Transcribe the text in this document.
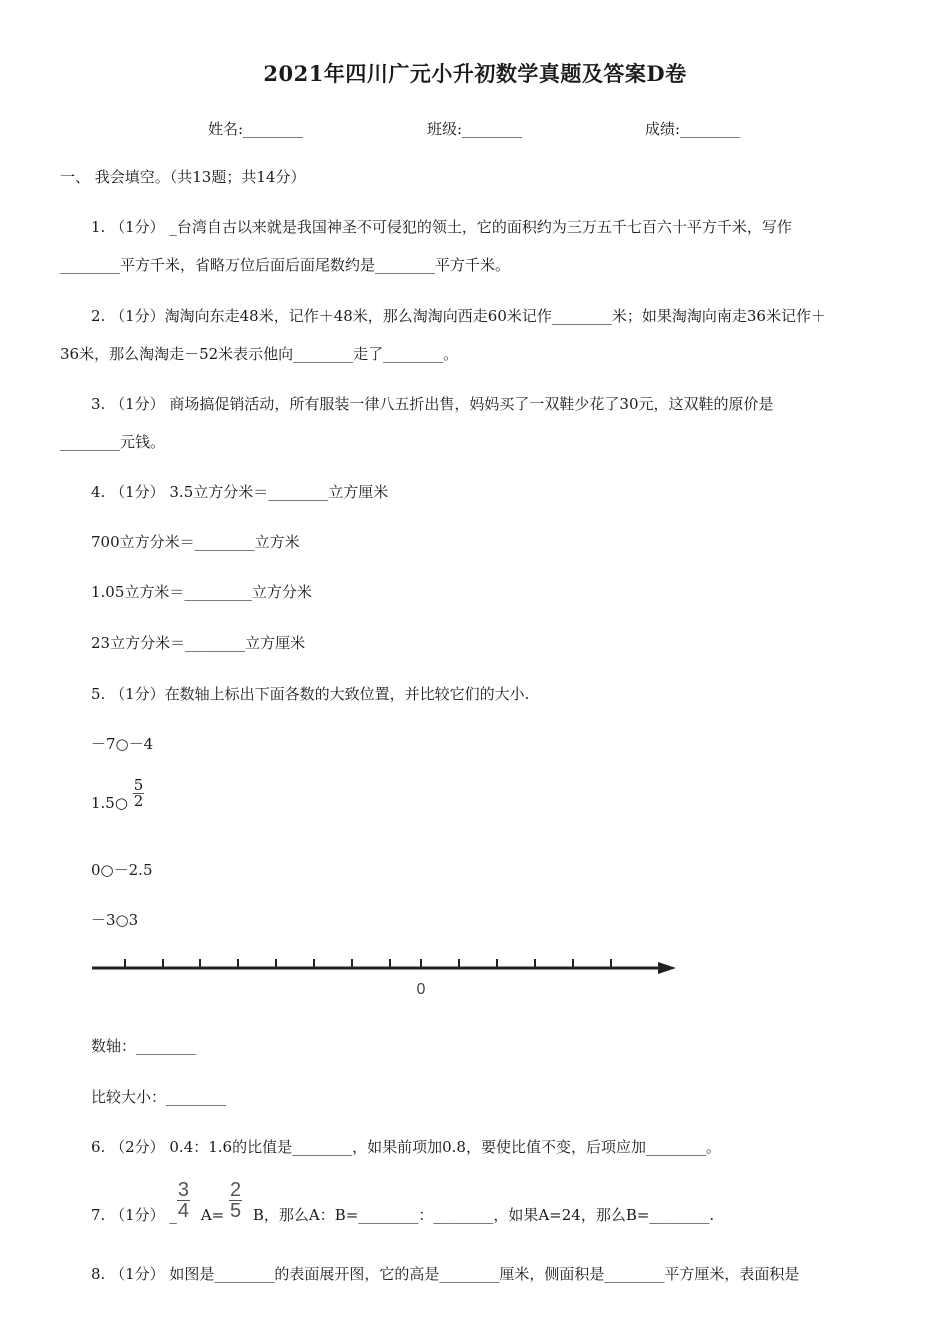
2021年四川广元小升初数学真题及答案D卷
姓名:________	班级:________	成绩:________
一、 我会填空。（共13题；共14分）
1. （1分） _台湾自古以来就是我国神圣不可侵犯的领土，它的面积约为三万五千七百六十平方千米，写作
________平方千米，省略万位后面后面尾数约是________平方千米。
2. （1分）淘淘向东走48米，记作＋48米，那么淘淘向西走60米记作________米；如果淘淘向南走36米记作＋
36米，那么淘淘走－52米表示他向________走了________。
3. （1分） 商场搞促销活动，所有服装一律八五折出售，妈妈买了一双鞋少花了30元，这双鞋的原价是
________元钱。
4. （1分） 3.5立方分米＝________立方厘米
700立方分米＝________立方米
1.05立方米＝_________立方分米
23立方分米＝________立方厘米
5. （1分）在数轴上标出下面各数的大致位置，并比较它们的大小.
－7○－4
1.5○ $\frac{5}{2}$
0○－2.5
－3○3
0
数轴：________
比较大小：________
6. （2分） 0.4：1.6的比值是________，如果前项加0.8，要使比值不变，后项应加________。
7. （1分） _ $\frac{3}{4} A= \frac{2}{5}$ B，那么A：B=________：________，如果A=24，那么B=________.
8. （1分） 如图是________的表面展开图，它的高是________厘米，侧面积是________平方厘米，表面积是
